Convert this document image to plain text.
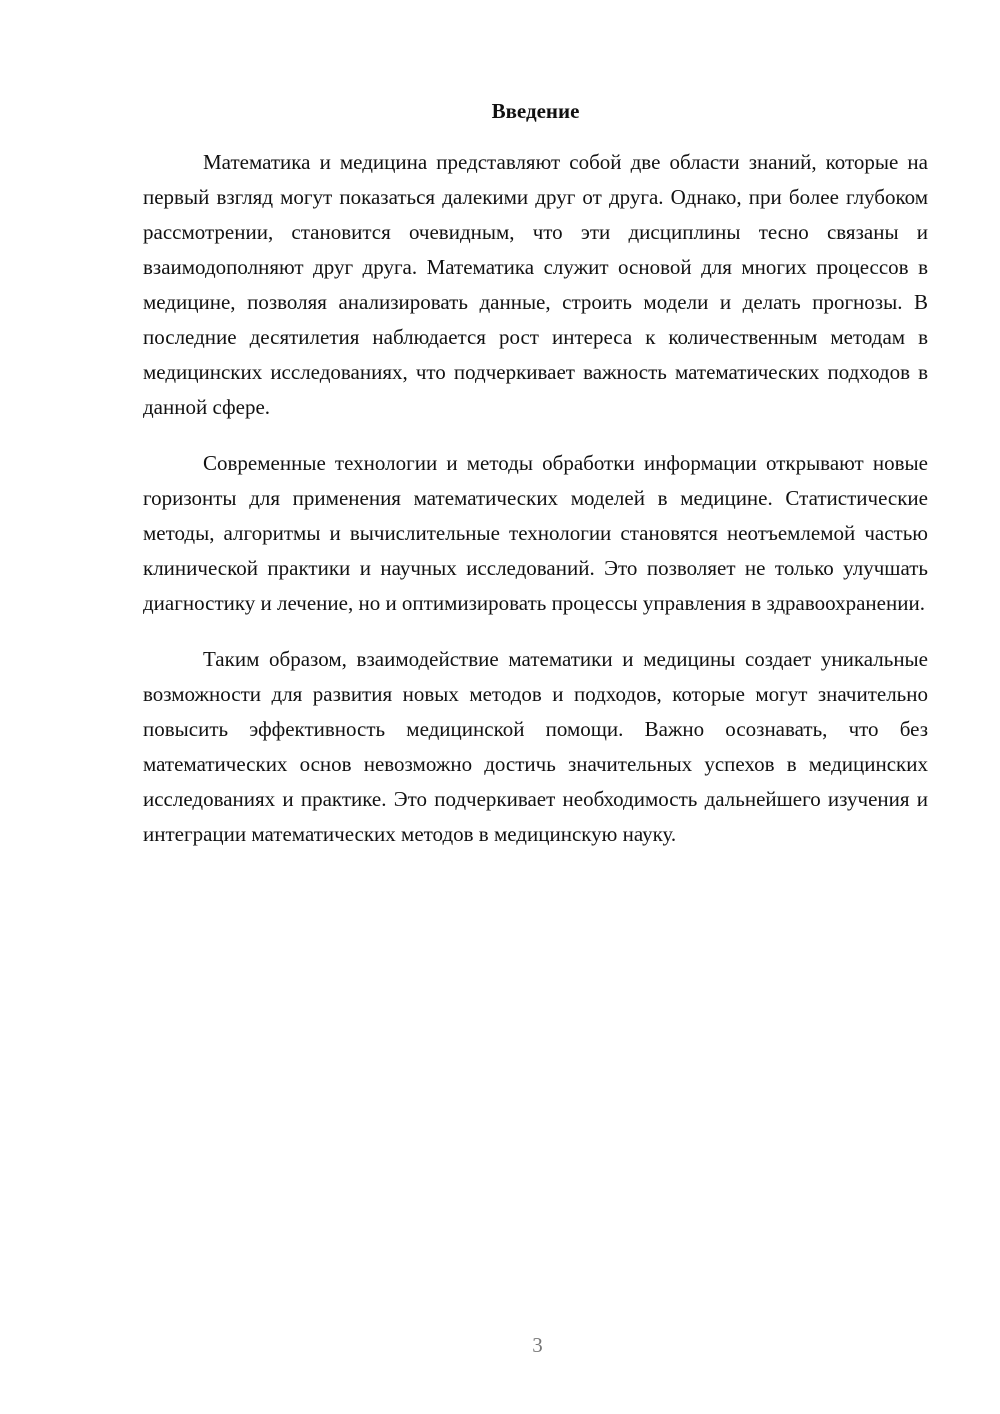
Введение

Математика и медицина представляют собой две области знаний, которые на первый взгляд могут показаться далекими друг от друга. Однако, при более глубоком рассмотрении, становится очевидным, что эти дисциплины тесно связаны и взаимодополняют друг друга. Математика служит основой для многих процессов в медицине, позволяя анализировать данные, строить модели и делать прогнозы. В последние десятилетия наблюдается рост интереса к количественным методам в медицинских исследованиях, что подчеркивает важность математических подходов в данной сфере.

Современные технологии и методы обработки информации открывают новые горизонты для применения математических моделей в медицине. Статистические методы, алгоритмы и вычислительные технологии становятся неотъемлемой частью клинической практики и научных исследований. Это позволяет не только улучшать диагностику и лечение, но и оптимизировать процессы управления в здравоохранении.

Таким образом, взаимодействие математики и медицины создает уникальные возможности для развития новых методов и подходов, которые могут значительно повысить эффективность медицинской помощи. Важно осознавать, что без математических основ невозможно достичь значительных успехов в медицинских исследованиях и практике. Это подчеркивает необходимость дальнейшего изучения и интеграции математических методов в медицинскую науку.

3
